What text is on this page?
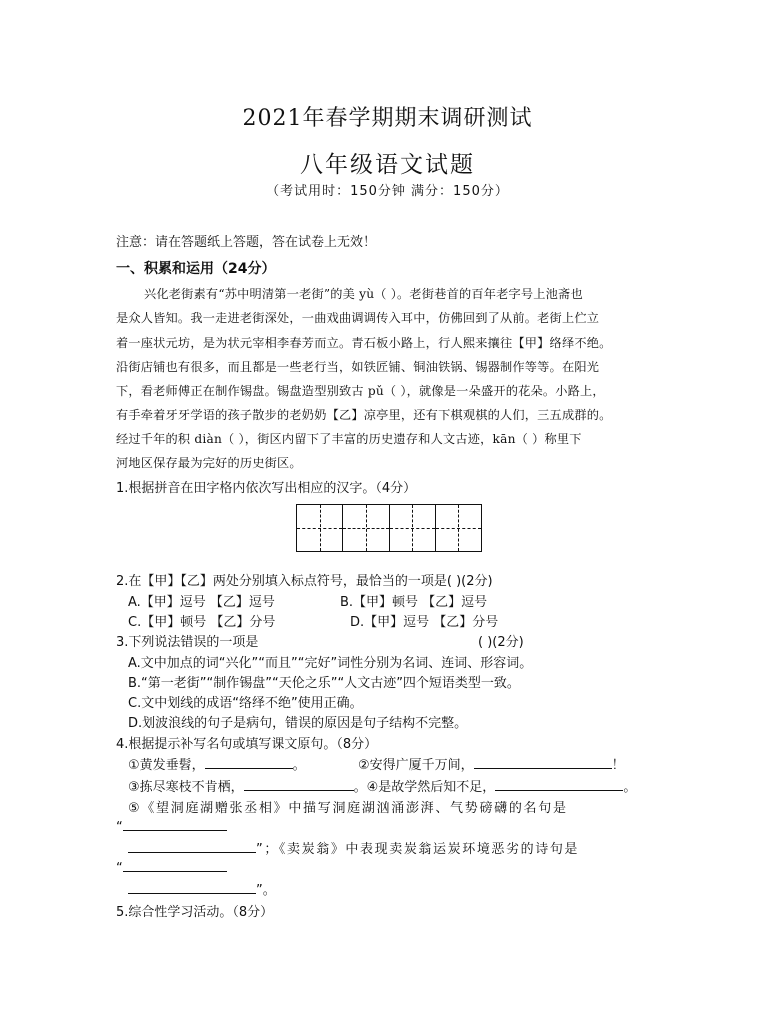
2021年春学期期末调研测试
八年级语文试题
（考试用时：150分钟 满分：150分）
注意：请在答题纸上答题，答在试卷上无效！
一、积累和运用（24分）
兴化老街素有“苏中明清第一老街”的美 yù（ ）。老街巷首的百年老字号上池斋也
是众人皆知。我一走进老街深处，一曲戏曲调调传入耳中，仿佛回到了从前。老街上伫立
着一座状元坊，是为状元宰相李春芳而立。青石板小路上，行人熙来攘往【甲】络绎不绝。
沿街店铺也有很多，而且都是一些老行当，如铁匠铺、铜油铁锅、锡器制作等等。在阳光
下，看老师傅正在制作锡盘。锡盘造型别致古 pǔ（ ），就像是一朵盛开的花朵。小路上，
有手牵着牙牙学语的孩子散步的老奶奶【乙】凉亭里，还有下棋观棋的人们，三五成群的。
经过千年的积 diàn（ ），街区内留下了丰富的历史遗存和人文古迹，kān（ ）称里下
河地区保存最为完好的历史街区。
1.根据拼音在田字格内依次写出相应的汉字。（4分）
2.在【甲】【乙】两处分别填入标点符号，最恰当的一项是( )(2分)
A.【甲】逗号 【乙】逗号	B.【甲】顿号 【乙】逗号
C.【甲】顿号 【乙】分号	D.【甲】逗号 【乙】分号
3.下列说法错误的一项是	( )(2分)
A.文中加点的词“兴化”“而且”“完好”词性分别为名词、连词、形容词。
B.“第一老街”“制作锡盘”“天伦之乐”“人文古迹”四个短语类型一致。
C.文中划线的成语“络绎不绝”使用正确。
D.划波浪线的句子是病句，错误的原因是句子结构不完整。
4.根据提示补写名句或填写课文原句。（8分）
①黄发垂髫，	。	②安得广厦千万间，	！
③拣尽寒枝不肯栖，	。④是故学然后知不足，	。
⑤《望洞庭湖赠张丞相》中描写洞庭湖汹涌澎湃、气势磅礴的名句是
“
”；《卖炭翁》中表现卖炭翁运炭环境恶劣的诗句是
“
”。
5.综合性学习活动。（8分）
